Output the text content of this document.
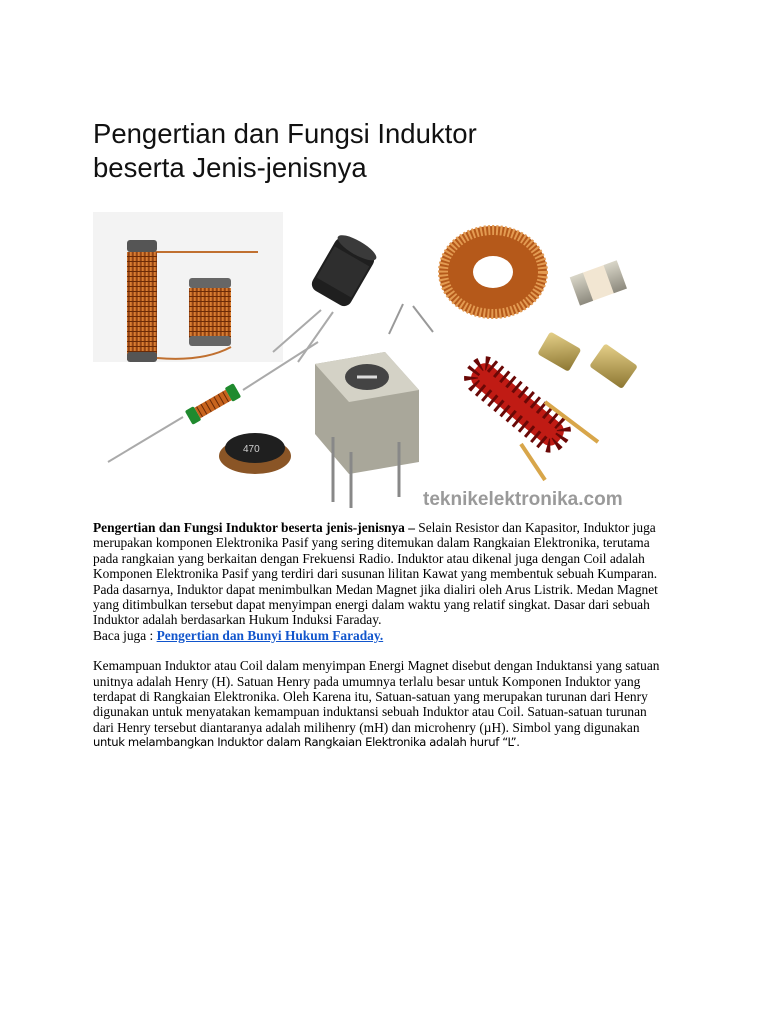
Pengertian dan Fungsi Induktor
beserta Jenis-jenisnya
470
teknikelektronika.com
Pengertian dan Fungsi Induktor beserta jenis-jenisnya – Selain Resistor dan Kapasitor, Induktor juga
merupakan komponen Elektronika Pasif yang sering ditemukan dalam Rangkaian Elektronika, terutama
pada rangkaian yang berkaitan dengan Frekuensi Radio. Induktor atau dikenal juga dengan Coil adalah
Komponen Elektronika Pasif yang terdiri dari susunan lilitan Kawat yang membentuk sebuah Kumparan.
Pada dasarnya, Induktor dapat menimbulkan Medan Magnet jika dialiri oleh Arus Listrik. Medan Magnet
yang ditimbulkan tersebut dapat menyimpan energi dalam waktu yang relatif singkat. Dasar dari sebuah
Induktor adalah berdasarkan Hukum Induksi Faraday.
Baca juga : Pengertian dan Bunyi Hukum Faraday.
Kemampuan Induktor atau Coil dalam menyimpan Energi Magnet disebut dengan Induktansi yang satuan
unitnya adalah Henry (H). Satuan Henry pada umumnya terlalu besar untuk Komponen Induktor yang
terdapat di Rangkaian Elektronika. Oleh Karena itu, Satuan-satuan yang merupakan turunan dari Henry
digunakan untuk menyatakan kemampuan induktansi sebuah Induktor atau Coil. Satuan-satuan turunan
dari Henry tersebut diantaranya adalah milihenry (mH) dan microhenry (µH). Simbol yang digunakan
untuk melambangkan Induktor dalam Rangkaian Elektronika adalah huruf “L”.
